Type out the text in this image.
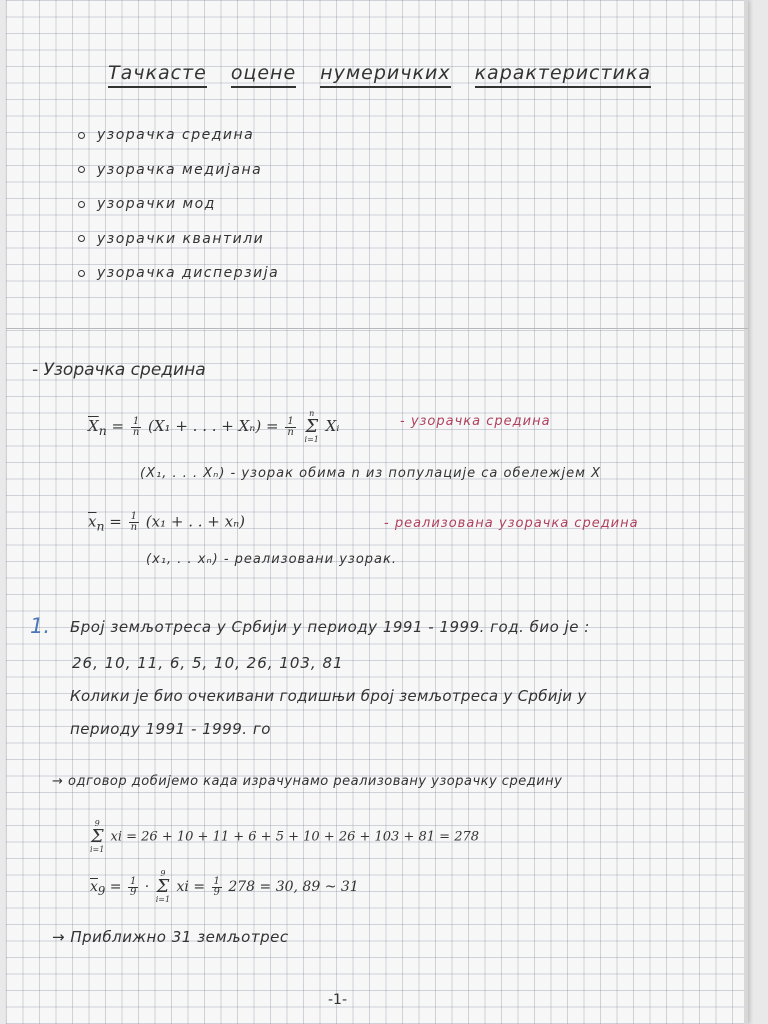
Тачкасте оцене нумеричких карактеристика
узорачка средина
узорачка медијана
узорачки мод
узорачки квантили
узорачка дисперзија
- Узорачка средина
$\overline{X}_n = \frac{1}{n} (X_1$ + . . . + $X_n) = \frac{1}{n}$

n
Σ
i=1
Xᵢ	- узорачка средина
(X₁, . . . Xₙ) - узорак обима n из популације са обележјем X
$\overline{x}_n = \frac{1}{n} (x_1$ + . . + xₙ)	- реализована узорачка средина
(x₁, . . xₙ) - реализовани узорак.
1. Број земљотреса у Србији у периоду 1991 - 1999. год. био је :
26, 10, 11, 6, 5, 10, 26, 103, 81
Колики је био очекивани годишњи број земљотреса у Србији у
периоду 1991 - 1999. го
→ одговор добијемо када израчунамо реализовану узорачку средину
9
Σ
i=1
xi = 26 + 10 + 11 + 6 + 5 + 10 + 26 + 103 + 81 = 278
$\overline{x}_9 = \frac{1}{9}$ ·
9
Σ
i=1
xi = $\frac{1}{9} 278 = 30$, 89 ~ 31
→ Приближно 31 земљотрес
-1-
